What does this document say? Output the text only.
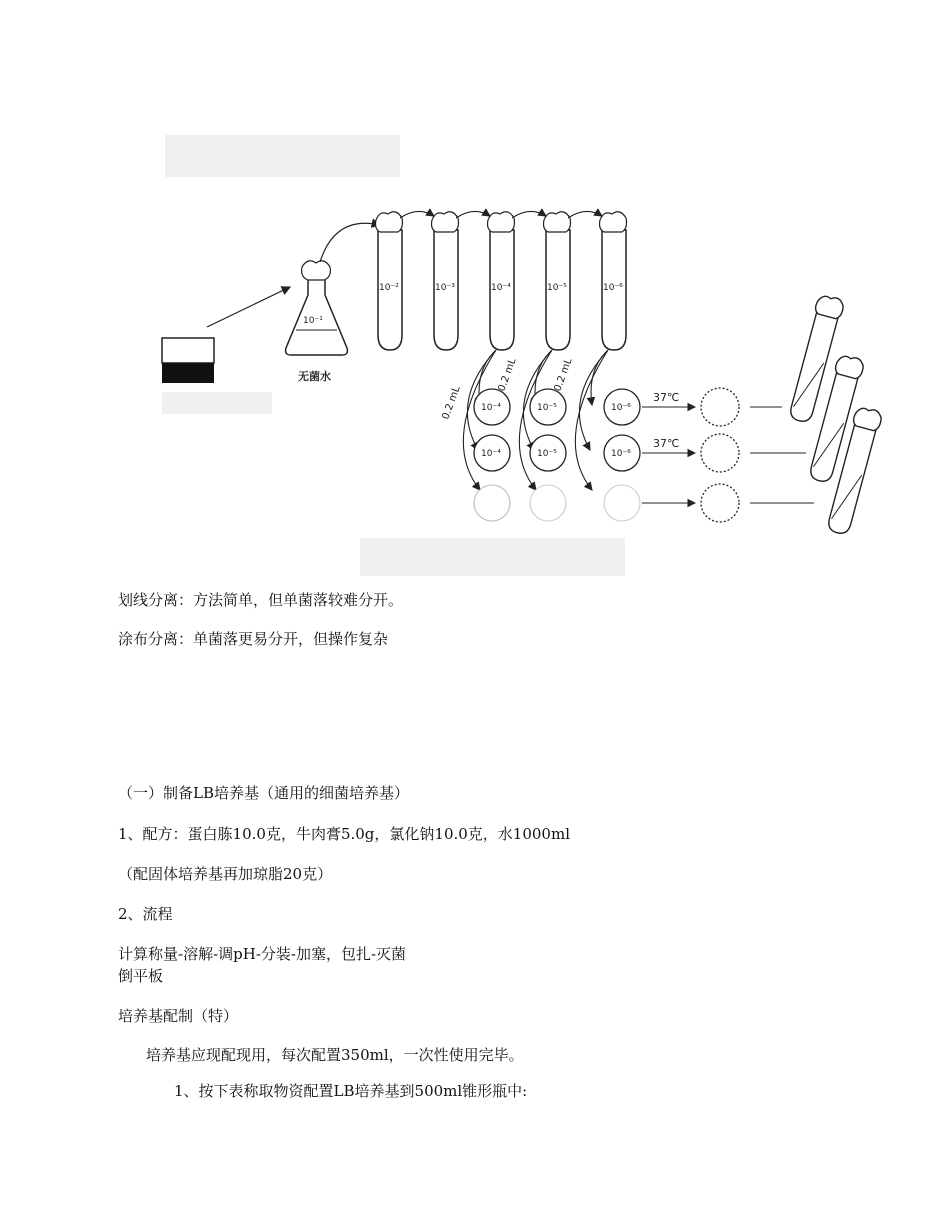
10⁻¹
无菌水
10⁻²	10⁻³	10⁻⁴	10⁻⁵	10⁻⁶
0.2 mL
0.2 mL	0.2 mL
10⁻⁴	10⁻⁵	10⁻⁶
10⁻⁴	10⁻⁵	10⁻⁶
37℃
37℃
划线分离：方法简单，但单菌落较难分开。
涂布分离：单菌落更易分开，但操作复杂
（一）制备LB培养基（通用的细菌培养基）
1、配方：蛋白胨10.0克，牛肉膏5.0g，氯化钠10.0克，水1000ml
（配固体培养基再加琼脂20克）
2、流程
计算称量-溶解-调pH-分装-加塞，包扎-灭菌
倒平板
培养基配制（特）
培养基应现配现用，每次配置350ml，一次性使用完毕。
1、按下表称取物资配置LB培养基到500ml锥形瓶中:
